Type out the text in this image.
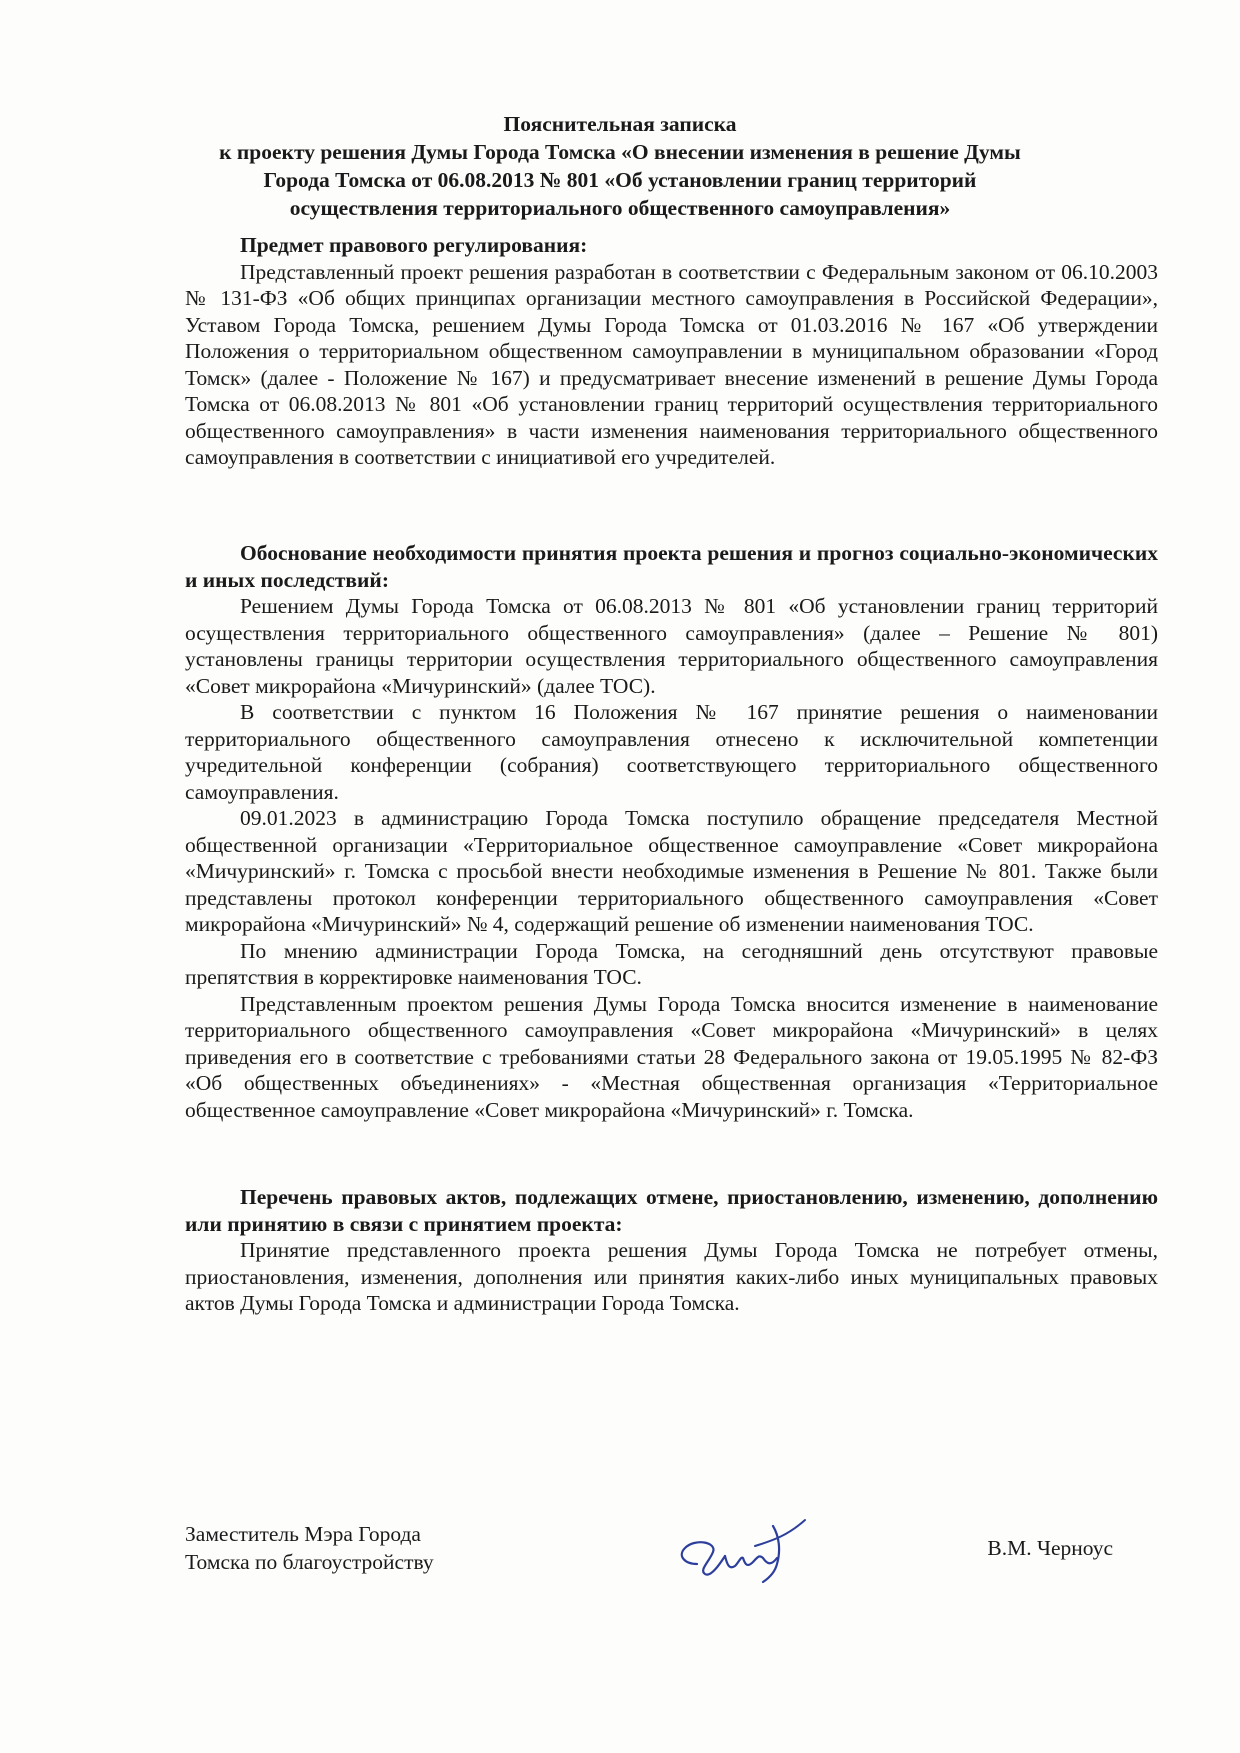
Пояснительная записка
к проекту решения Думы Города Томска «О внесении изменения в решение Думы
Города Томска от 06.08.2013 № 801 «Об установлении границ территорий
осуществления территориального общественного самоуправления»

Предмет правового регулирования:

Представленный проект решения разработан в соответствии с Федеральным законом от 06.10.2003 № 131-ФЗ «Об общих принципах организации местного самоуправления в Российской Федерации», Уставом Города Томска, решением Думы Города Томска от 01.03.2016 № 167 «Об утверждении Положения о территориальном общественном самоуправлении в муниципальном образовании «Город Томск» (далее - Положение № 167) и предусматривает внесение изменений в решение Думы Города Томска от 06.08.2013 № 801 «Об установлении границ территорий осуществления территориального общественного самоуправления» в части изменения наименования территориального общественного самоуправления в соответствии с инициативой его учредителей.

Обоснование необходимости принятия проекта решения и прогноз социально-экономических и иных последствий:

Решением Думы Города Томска от 06.08.2013 № 801 «Об установлении границ территорий осуществления территориального общественного самоуправления» (далее – Решение № 801) установлены границы территории осуществления территориального общественного самоуправления «Совет микрорайона «Мичуринский» (далее ТОС).

В соответствии с пунктом 16 Положения № 167 принятие решения о наименовании территориального общественного самоуправления отнесено к исключительной компетенции учредительной конференции (собрания) соответствующего территориального общественного самоуправления.

09.01.2023 в администрацию Города Томска поступило обращение председателя Местной общественной организации «Территориальное общественное самоуправление «Совет микрорайона «Мичуринский» г. Томска с просьбой внести необходимые изменения в Решение № 801. Также были представлены протокол конференции территориального общественного самоуправления «Совет микрорайона «Мичуринский» № 4, содержащий решение об изменении наименования ТОС.

По мнению администрации Города Томска, на сегодняшний день отсутствуют правовые препятствия в корректировке наименования ТОС.

Представленным проектом решения Думы Города Томска вносится изменение в наименование территориального общественного самоуправления «Совет микрорайона «Мичуринский» в целях приведения его в соответствие с требованиями статьи 28 Федерального закона от 19.05.1995 № 82-ФЗ «Об общественных объединениях» - «Местная общественная организация «Территориальное общественное самоуправление «Совет микрорайона «Мичуринский» г. Томска.

Перечень правовых актов, подлежащих отмене, приостановлению, изменению, дополнению или принятию в связи с принятием проекта:

Принятие представленного проекта решения Думы Города Томска не потребует отмены, приостановления, изменения, дополнения или принятия каких-либо иных муниципальных правовых актов Думы Города Томска и администрации Города Томска.

Заместитель Мэра Города
Томска по благоустройству

В.М. Черноус
